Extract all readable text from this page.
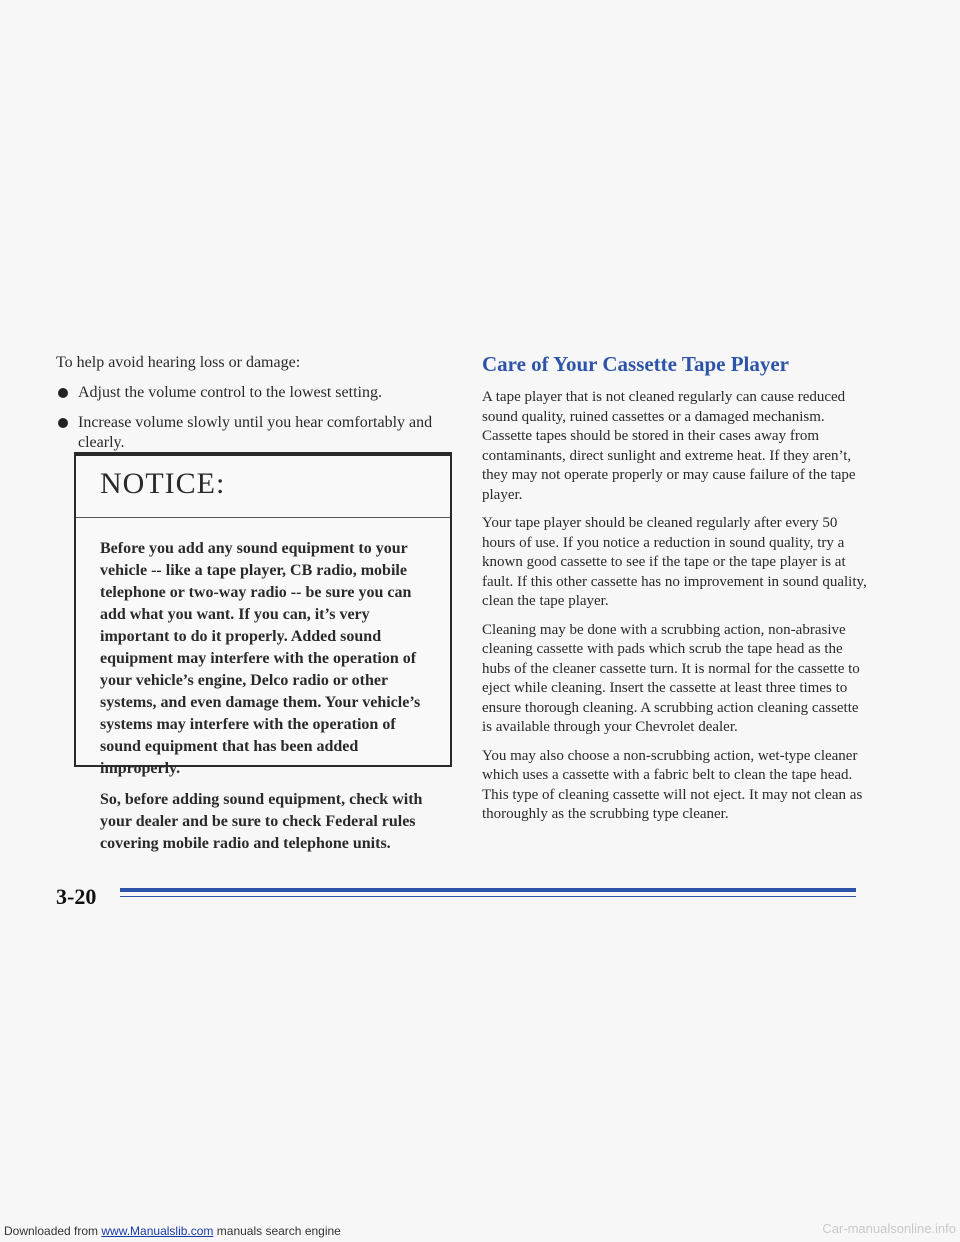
To help avoid hearing loss or damage:

Adjust the volume control to the lowest setting.
Increase volume slowly until you hear comfortably and clearly.
NOTICE:

Before you add any sound equipment to your vehicle -- like a tape player, CB radio, mobile telephone or two-way radio -- be sure you can add what you want. If you can, it’s very important to do it properly. Added sound equipment may interfere with the operation of your vehicle’s engine, Delco radio or other systems, and even damage them. Your vehicle’s systems may interfere with the operation of sound equipment that has been added improperly.

So, before adding sound equipment, check with your dealer and be sure to check Federal rules covering mobile radio and telephone units.

Care of Your Cassette Tape Player

A tape player that is not cleaned regularly can cause reduced sound quality, ruined cassettes or a damaged mechanism. Cassette tapes should be stored in their cases away from contaminants, direct sunlight and extreme heat. If they aren’t, they may not operate properly or may cause failure of the tape player.

Your tape player should be cleaned regularly after every 50 hours of use. If you notice a reduction in sound quality, try a known good cassette to see if the tape or the tape player is at fault. If this other cassette has no improvement in sound quality, clean the tape player.

Cleaning may be done with a scrubbing action, non-abrasive cleaning cassette with pads which scrub the tape head as the hubs of the cleaner cassette turn. It is normal for the cassette to eject while cleaning. Insert the cassette at least three times to ensure thorough cleaning. A scrubbing action cleaning cassette is available through your Chevrolet dealer.

You may also choose a non-scrubbing action, wet-type cleaner which uses a cassette with a fabric belt to clean the tape head. This type of cleaning cassette will not eject. It may not clean as thoroughly as the scrubbing type cleaner.

3-20

Downloaded from www.Manualslib.com manuals search engine	Car-manualsonline.info
